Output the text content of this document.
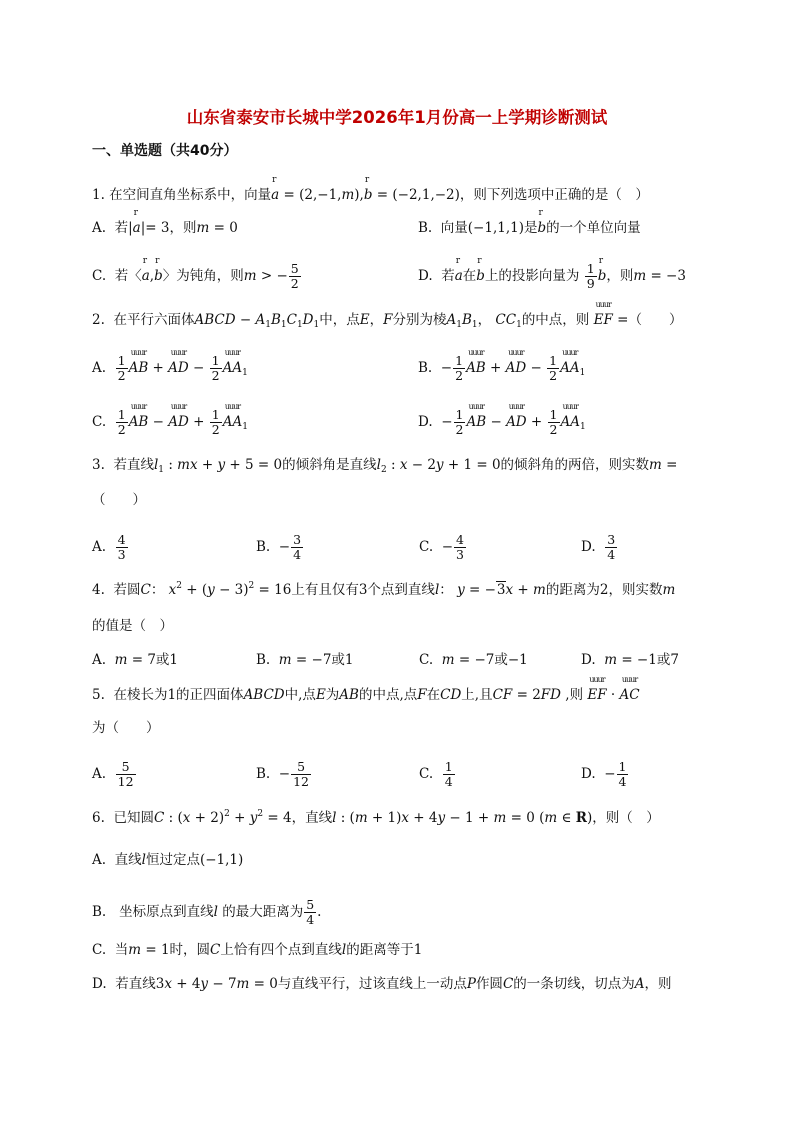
山东省泰安市长城中学2026年1月份高一上学期诊断测试
一、单选题（共40分）
1. 在空间直角坐标系中，向量r a = (2,−1,m),r b = (−2,1,−2)，则下列选项中正确的是（　）
A.  若|r a|= 3，则m = 0	B.  向量(−1,1,1)是r b的一个单位向量
C.  若〈r a,r b〉为钝角，则m > − $\frac{5}{2}$	D.  若r a在r b上的投影向量为 $\frac{1}{9}$ r b，则m = −3
2.  在平行六面体ABCD − $A_1B_1C_1D_1$中，点E，F分别为棱$A_1B_1$， $CC_1$的中点，则 uuur EF =（　　）
A. $\frac{1}{2}$ uuur AB + uuur AD − $\frac{1}{2}$ uuur $AA_1$	B.  − $\frac{1}{2}$ uuur AB + uuur AD − $\frac{1}{2}$ uuur $AA_1$
C. $\frac{1}{2}$ uuur AB − uuur AD + $\frac{1}{2}$ uuur $AA_1$	D.  − $\frac{1}{2}$ uuur AB − uuur AD + $\frac{1}{2}$ uuur $AA_1$
3.  若直线$l_1$ : mx + y + 5 = 0的倾斜角是直线$l_2$ : x − 2y + 1 = 0的倾斜角的两倍，则实数m =
（　　）
A. $\frac{4}{3}$	B.  − $\frac{3}{4}$	C.  − $\frac{4}{3}$	D. $\frac{3}{4}$
4.  若圆C： $x^2 + (y - 3)^2 = 16$上有且仅有3个点到直线l： y = −3x + m的距离为2，则实数m
的值是（　）
A.  m = 7或1	B.  m = −7或1	C.  m = −7或−1	D.  m = −1或7
5.  在棱长为1的正四面体ABCD中,点E为AB的中点,点F在CD上,且CF = 2FD ,则 uuur EF · uuur AC
为（　　）
A. $\frac{5}{12}$	B.  − $\frac{5}{12}$	C. $\frac{1}{4}$	D.  − $\frac{1}{4}$
6.  已知圆C : $(x + 2)^2 + y^2 = 4$，直线l : (m + 1)x + 4y − 1 + m = 0 (m ∈ R)，则（　）
A.  直线l恒过定点(−1,1)
B.   坐标原点到直线l 的最大距离为 $\frac{5}{4}$ .
C.  当m = 1时，圆C上恰有四个点到直线l的距离等于1
D.  若直线3x + 4y − 7m = 0与直线平行，过该直线上一动点P作圆C的一条切线，切点为A，则
